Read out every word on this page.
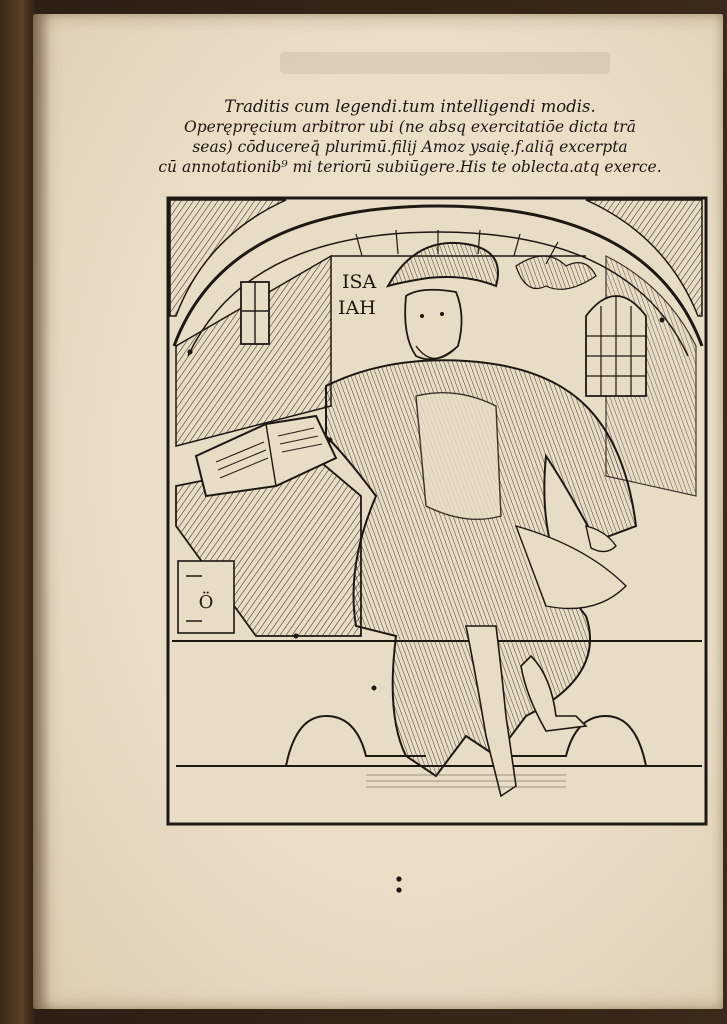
Traditis cum legendi.tum intelligendi modis.
Operępręcium arbitror ubi (ne absq exercitatiōe dicta trā
seas) cōducereq̄ plurimū.filij Amoz ysaię.f.aliq̄ excerpta
cū annotationib⁹ mi teriorū subiūgere.His te oblecta.atq exerce.
ISA
IAH
Ö
